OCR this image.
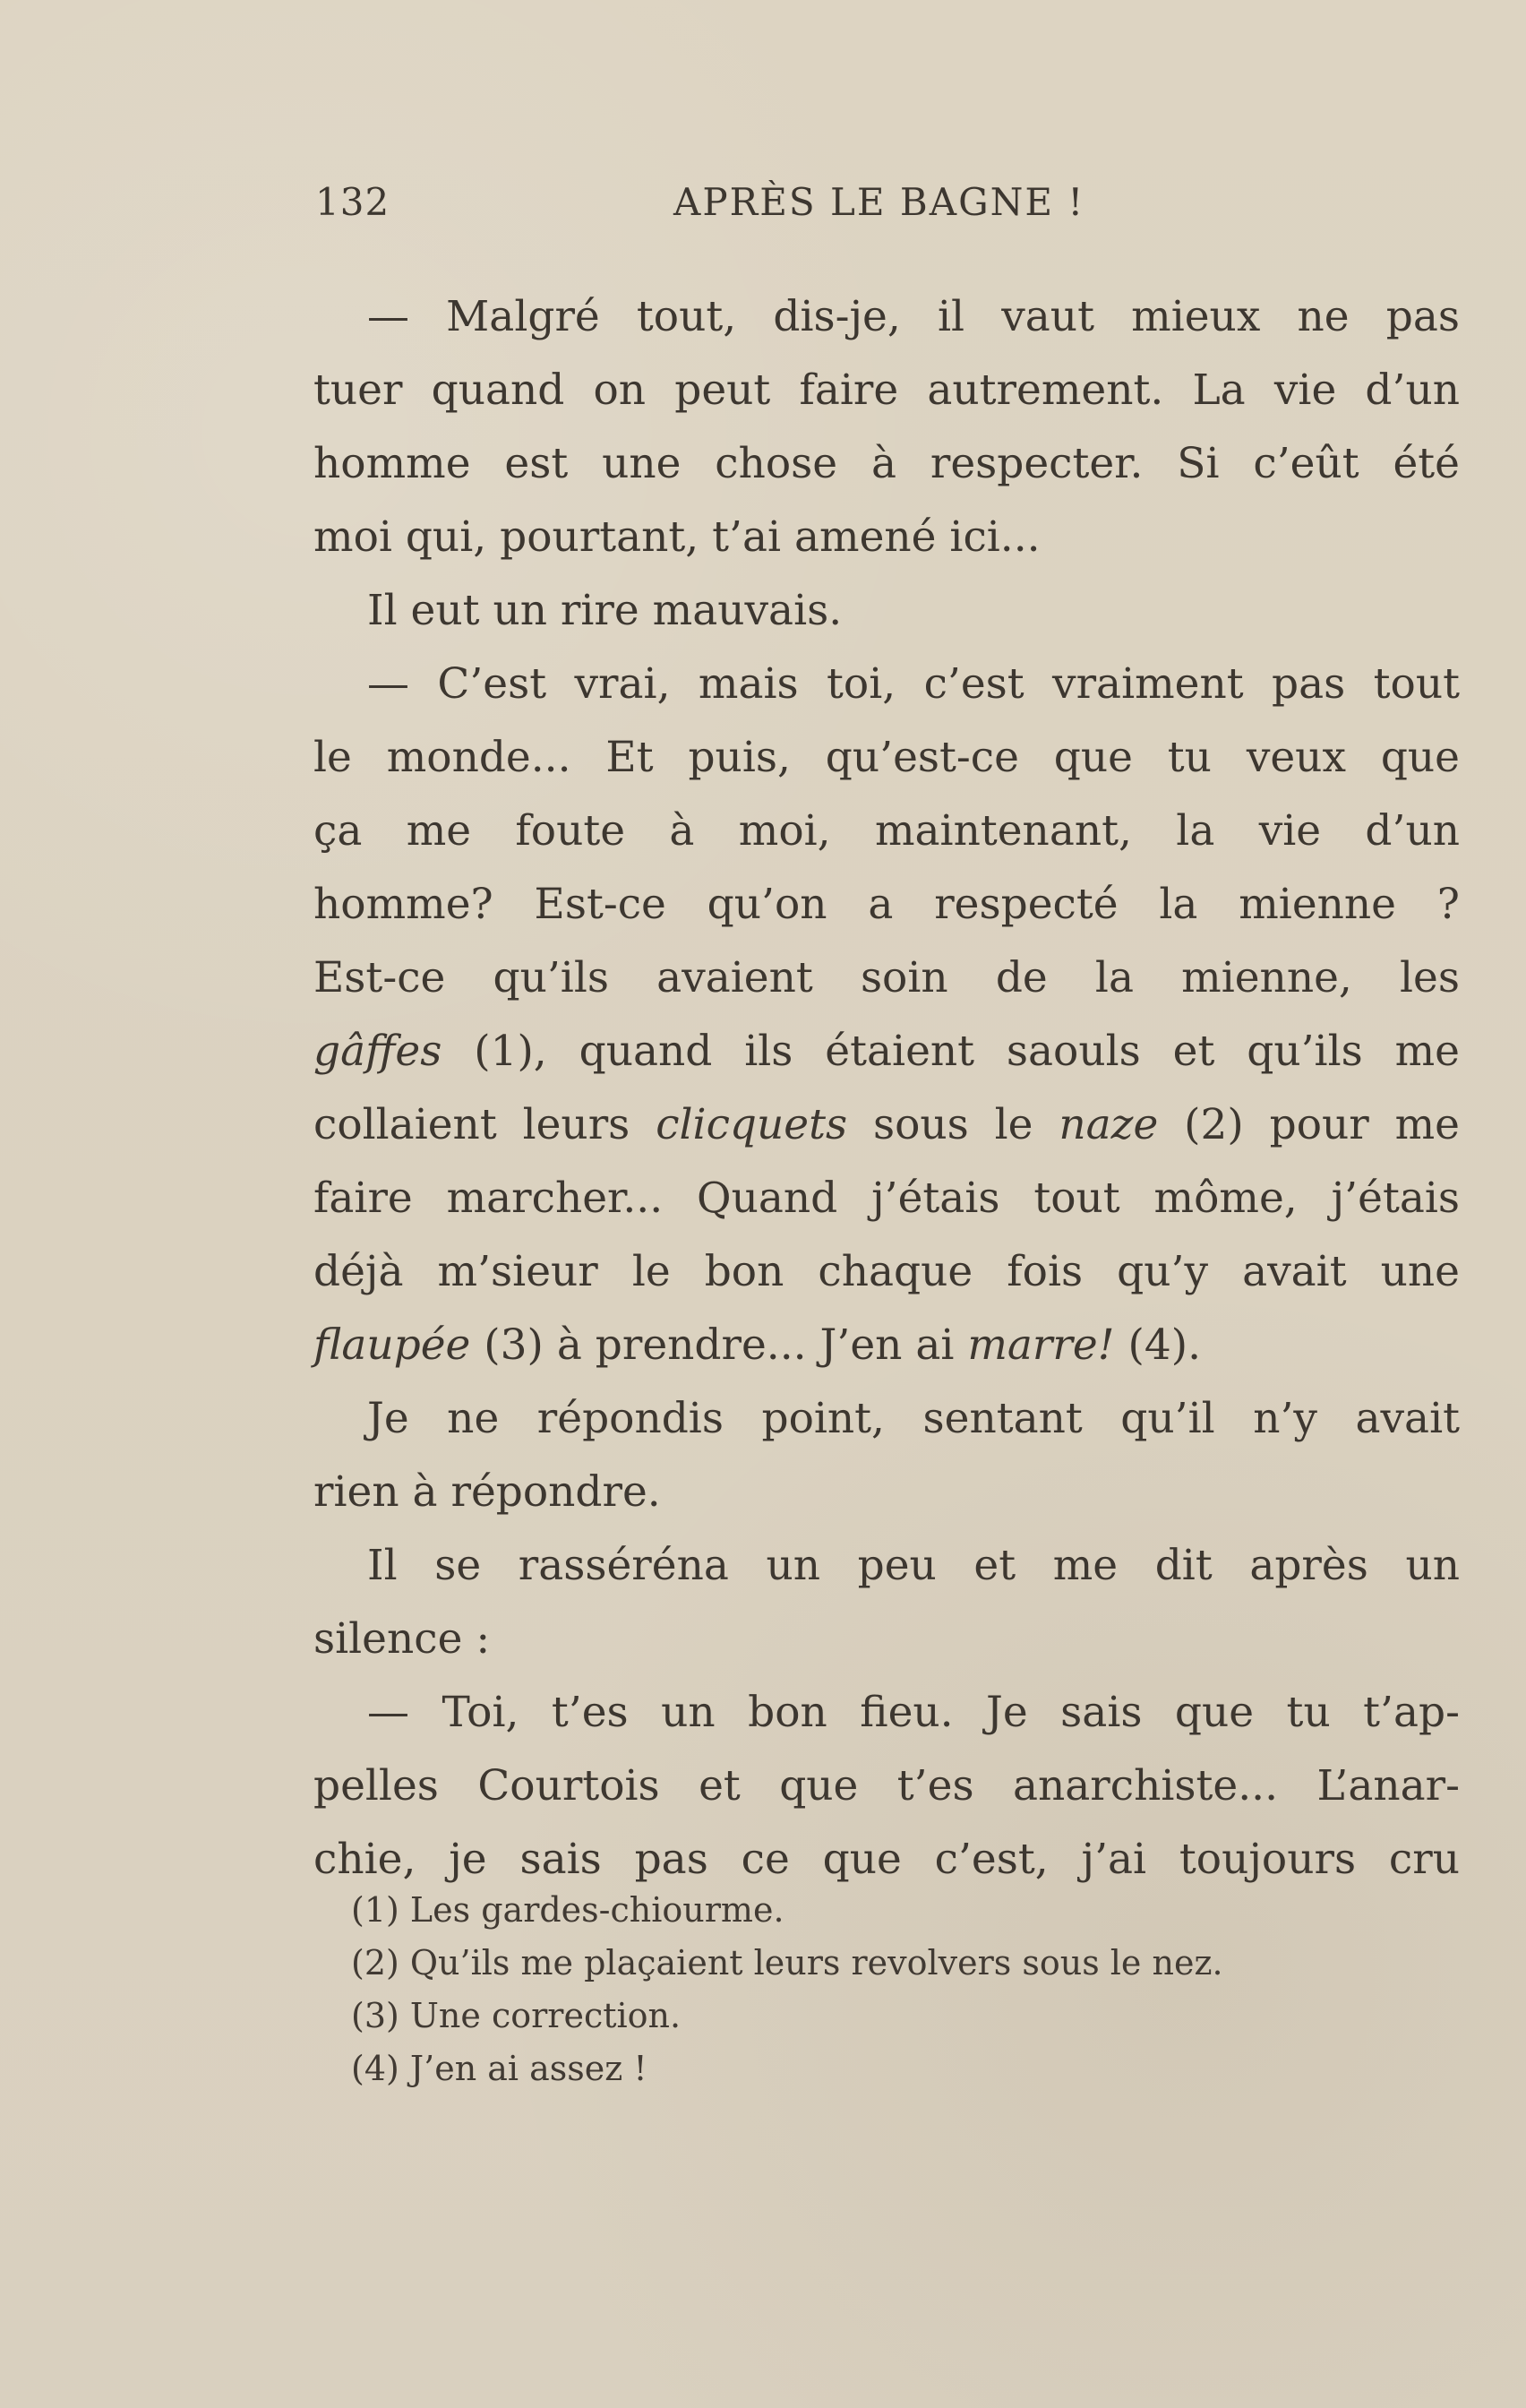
132	APRÈS LE BAGNE !
— Malgré tout, dis-je, il vaut mieux ne pas
tuer quand on peut faire autrement. La vie d’un
homme est une chose à respecter. Si c’eût été
moi qui, pourtant, t’ai amené ici...
Il eut un rire mauvais.
— C’est vrai, mais toi, c’est vraiment pas tout
le monde... Et puis, qu’est-ce que tu veux que
ça me foute à moi, maintenant, la vie d’un
homme? Est-ce qu’on a respecté la mienne ?
Est-ce qu’ils avaient soin de la mienne, les
gâffes (1), quand ils étaient saouls et qu’ils me
collaient leurs clicquets sous le naze (2) pour me
faire marcher... Quand j’étais tout môme, j’étais
déjà m’sieur le bon chaque fois qu’y avait une
flaupée (3) à prendre... J’en ai marre! (4).
Je ne répondis point, sentant qu’il n’y avait
rien à répondre.
Il se rasséréna un peu et me dit après un
silence :
— Toi, t’es un bon fieu. Je sais que tu t’ap-
pelles Courtois et que t’es anarchiste... L’anar-
chie, je sais pas ce que c’est, j’ai toujours cru
(1) Les gardes-chiourme.
(2) Qu’ils me plaçaient leurs revolvers sous le nez.
(3) Une correction.
(4) J’en ai assez !
